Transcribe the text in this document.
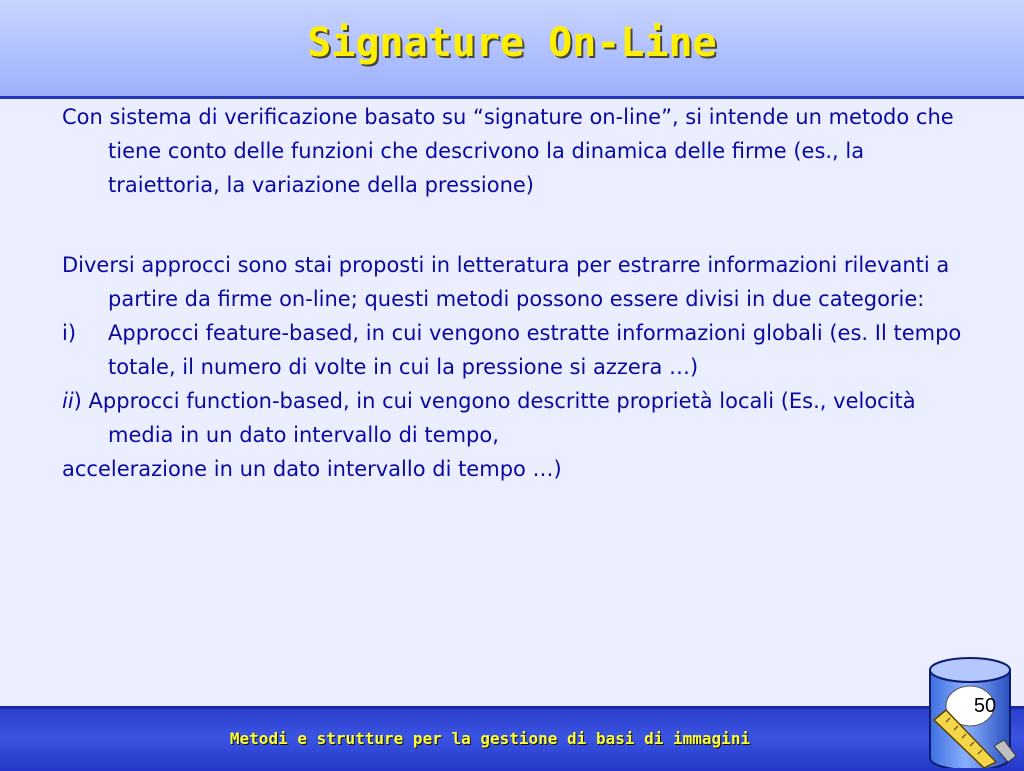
Signature On-Line

Con sistema di verificazione basato su “signature on-line”, si intende un metodo che tiene conto delle funzioni che descrivono la dinamica delle firme (es., la traiettoria, la variazione della pressione)

Diversi approcci sono stai proposti in letteratura per estrarre informazioni rilevanti a partire da firme on-line; questi metodi possono essere divisi in due categorie:

i)	Approcci feature-based, in cui vengono estratte informazioni globali (es. Il tempo totale, il numero di volte in cui la pressione si azzera …)

ii) Approcci function-based, in cui vengono descritte proprietà locali (Es., velocità media in un dato intervallo di tempo,

accelerazione in un dato intervallo di tempo …)

Metodi e strutture per la gestione di basi di immagini
50
